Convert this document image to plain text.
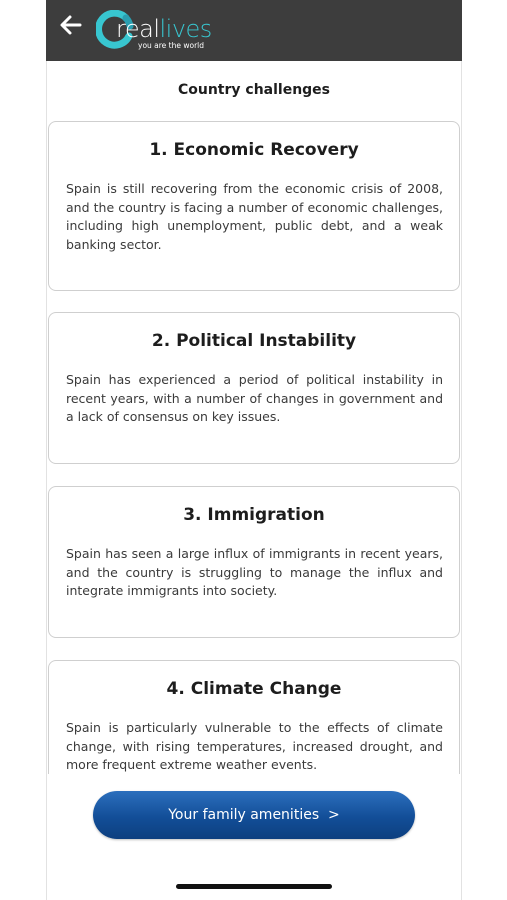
reallives
you are the world
Country challenges
1. Economic Recovery
Spain is still recovering from the economic crisis of 2008, and the country is facing a number of economic challenges, including high unemployment, public debt, and a weak banking sector.
2. Political Instability
Spain has experienced a period of political instability in recent years, with a number of changes in government and a lack of consensus on key issues.
3. Immigration
Spain has seen a large influx of immigrants in recent years, and the country is struggling to manage the influx and integrate immigrants into society.
4. Climate Change
Spain is particularly vulnerable to the effects of climate change, with rising temperatures, increased drought, and more frequent extreme weather events.
Your family amenities  >
